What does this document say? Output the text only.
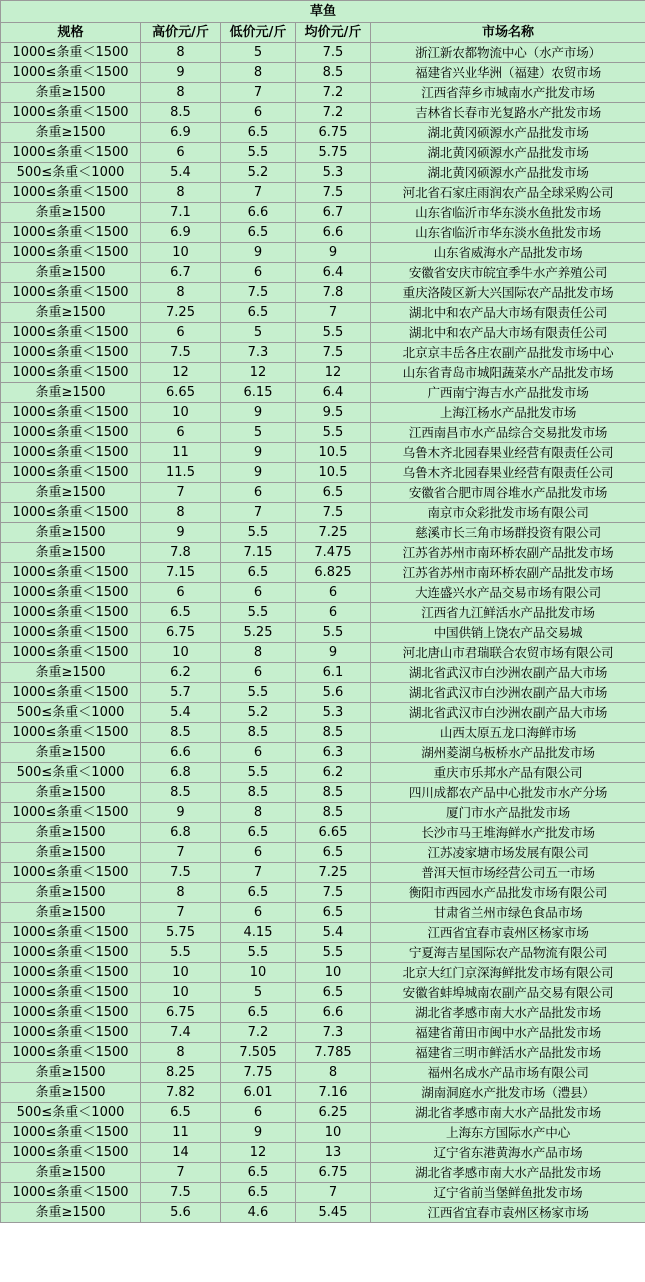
草鱼				
规格	高价元/斤	低价元/斤	均价元/斤	市场名称
1000≤条重＜1500	8	5	7.5	浙江新农都物流中心（水产市场）
1000≤条重＜1500	9	8	8.5	福建省兴业华洲（福建）农贸市场
条重≥1500	8	7	7.2	江西省萍乡市城南水产批发市场
1000≤条重＜1500	8.5	6	7.2	吉林省长春市光复路水产批发市场
条重≥1500	6.9	6.5	6.75	湖北黄冈硕源水产品批发市场
1000≤条重＜1500	6	5.5	5.75	湖北黄冈硕源水产品批发市场
500≤条重＜1000	5.4	5.2	5.3	湖北黄冈硕源水产品批发市场
1000≤条重＜1500	8	7	7.5	河北省石家庄雨润农产品全球采购公司
条重≥1500	7.1	6.6	6.7	山东省临沂市华东淡水鱼批发市场
1000≤条重＜1500	6.9	6.5	6.6	山东省临沂市华东淡水鱼批发市场
1000≤条重＜1500	10	9	9	山东省威海水产品批发市场
条重≥1500	6.7	6	6.4	安徽省安庆市皖宜季牛水产养殖公司
1000≤条重＜1500	8	7.5	7.8	重庆洛陵区新大兴国际农产品批发市场
条重≥1500	7.25	6.5	7	湖北中和农产品大市场有限责任公司
1000≤条重＜1500	6	5	5.5	湖北中和农产品大市场有限责任公司
1000≤条重＜1500	7.5	7.3	7.5	北京京丰岳各庄农副产品批发市场中心
1000≤条重＜1500	12	12	12	山东省青岛市城阳蔬菜水产品批发市场
条重≥1500	6.65	6.15	6.4	广西南宁海吉水产品批发市场
1000≤条重＜1500	10	9	9.5	上海江杨水产品批发市场
1000≤条重＜1500	6	5	5.5	江西南昌市水产品综合交易批发市场
1000≤条重＜1500	11	9	10.5	乌鲁木齐北园春果业经营有限责任公司
1000≤条重＜1500	11.5	9	10.5	乌鲁木齐北园春果业经营有限责任公司
条重≥1500	7	6	6.5	安徽省合肥市周谷堆水产品批发市场
1000≤条重＜1500	8	7	7.5	南京市众彩批发市场有限公司
条重≥1500	9	5.5	7.25	慈溪市长三角市场群投资有限公司
条重≥1500	7.8	7.15	7.475	江苏省苏州市南环桥农副产品批发市场
1000≤条重＜1500	7.15	6.5	6.825	江苏省苏州市南环桥农副产品批发市场
1000≤条重＜1500	6	6	6	大连盛兴水产品交易市场有限公司
1000≤条重＜1500	6.5	5.5	6	江西省九江鲜活水产品批发市场
1000≤条重＜1500	6.75	5.25	5.5	中国供销上饶农产品交易城
1000≤条重＜1500	10	8	9	河北唐山市君瑞联合农贸市场有限公司
条重≥1500	6.2	6	6.1	湖北省武汉市白沙洲农副产品大市场
1000≤条重＜1500	5.7	5.5	5.6	湖北省武汉市白沙洲农副产品大市场
500≤条重＜1000	5.4	5.2	5.3	湖北省武汉市白沙洲农副产品大市场
1000≤条重＜1500	8.5	8.5	8.5	山西太原五龙口海鲜市场
条重≥1500	6.6	6	6.3	湖州菱湖乌板桥水产品批发市场
500≤条重＜1000	6.8	5.5	6.2	重庆市乐邦水产品有限公司
条重≥1500	8.5	8.5	8.5	四川成都农产品中心批发市水产分场
1000≤条重＜1500	9	8	8.5	厦门市水产品批发市场
条重≥1500	6.8	6.5	6.65	长沙市马王堆海鲜水产批发市场
条重≥1500	7	6	6.5	江苏凌家塘市场发展有限公司
1000≤条重＜1500	7.5	7	7.25	普洱天恒市场经营公司五一市场
条重≥1500	8	6.5	7.5	衡阳市西园水产品批发市场有限公司
条重≥1500	7	6	6.5	甘肃省兰州市绿色食品市场
1000≤条重＜1500	5.75	4.15	5.4	江西省宜春市袁州区杨家市场
1000≤条重＜1500	5.5	5.5	5.5	宁夏海吉星国际农产品物流有限公司
1000≤条重＜1500	10	10	10	北京大红门京深海鲜批发市场有限公司
1000≤条重＜1500	10	5	6.5	安徽省蚌埠城南农副产品交易有限公司
1000≤条重＜1500	6.75	6.5	6.6	湖北省孝感市南大水产品批发市场
1000≤条重＜1500	7.4	7.2	7.3	福建省莆田市闽中水产品批发市场
1000≤条重＜1500	8	7.505	7.785	福建省三明市鲜活水产品批发市场
条重≥1500	8.25	7.75	8	福州名成水产品市场有限公司
条重≥1500	7.82	6.01	7.16	湖南洞庭水产批发市场（澧县）
500≤条重＜1000	6.5	6	6.25	湖北省孝感市南大水产品批发市场
1000≤条重＜1500	11	9	10	上海东方国际水产中心
1000≤条重＜1500	14	12	13	辽宁省东港黄海水产品市场
条重≥1500	7	6.5	6.75	湖北省孝感市南大水产品批发市场
1000≤条重＜1500	7.5	6.5	7	辽宁省前当堡鲜鱼批发市场
条重≥1500	5.6	4.6	5.45	江西省宜春市袁州区杨家市场
